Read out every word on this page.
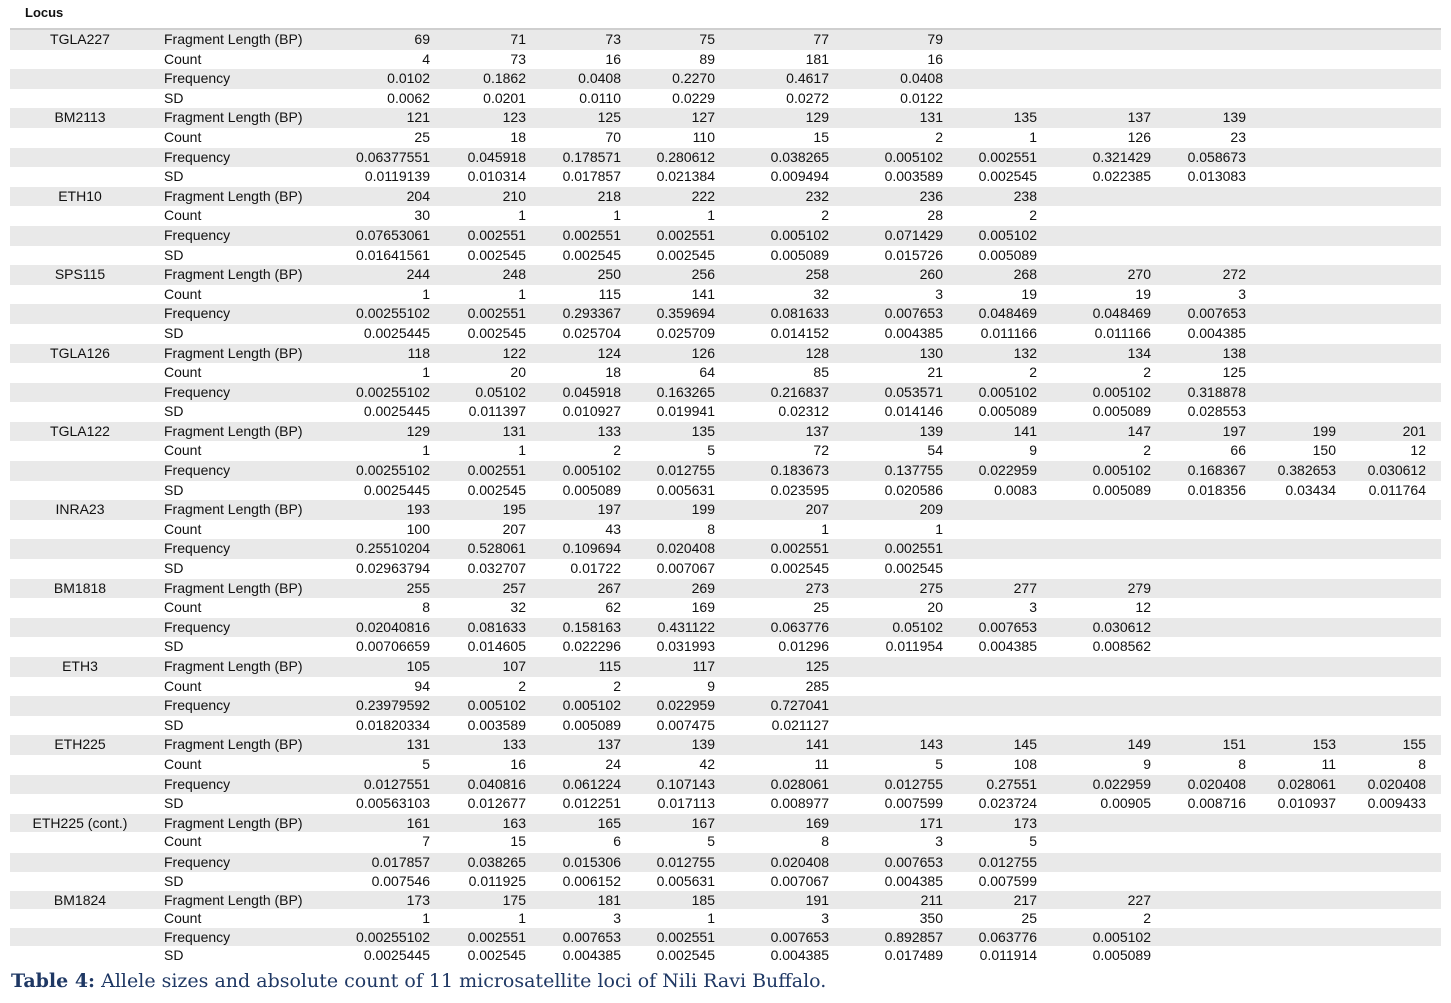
Locus
TGLA227	Fragment Length (BP)	69	71	73	75	77	79
Count	4	73	16	89	181	16
Frequency	0.0102	0.1862	0.0408	0.2270	0.4617	0.0408
SD	0.0062	0.0201	0.0110	0.0229	0.0272	0.0122
BM2113	Fragment Length (BP)	121	123	125	127	129	131	135	137	139
Count	25	18	70	110	15	2	1	126	23
Frequency	0.06377551	0.045918	0.178571	0.280612	0.038265	0.005102	0.002551	0.321429	0.058673
SD	0.0119139	0.010314	0.017857	0.021384	0.009494	0.003589	0.002545	0.022385	0.013083
ETH10	Fragment Length (BP)	204	210	218	222	232	236	238
Count	30	1	1	1	2	28	2
Frequency	0.07653061	0.002551	0.002551	0.002551	0.005102	0.071429	0.005102
SD	0.01641561	0.002545	0.002545	0.002545	0.005089	0.015726	0.005089
SPS115	Fragment Length (BP)	244	248	250	256	258	260	268	270	272
Count	1	1	115	141	32	3	19	19	3
Frequency	0.00255102	0.002551	0.293367	0.359694	0.081633	0.007653	0.048469	0.048469	0.007653
SD	0.0025445	0.002545	0.025704	0.025709	0.014152	0.004385	0.011166	0.011166	0.004385
TGLA126	Fragment Length (BP)	118	122	124	126	128	130	132	134	138
Count	1	20	18	64	85	21	2	2	125
Frequency	0.00255102	0.05102	0.045918	0.163265	0.216837	0.053571	0.005102	0.005102	0.318878
SD	0.0025445	0.011397	0.010927	0.019941	0.02312	0.014146	0.005089	0.005089	0.028553
TGLA122	Fragment Length (BP)	129	131	133	135	137	139	141	147	197	199	201
Count	1	1	2	5	72	54	9	2	66	150	12
Frequency	0.00255102	0.002551	0.005102	0.012755	0.183673	0.137755	0.022959	0.005102	0.168367	0.382653	0.030612
SD	0.0025445	0.002545	0.005089	0.005631	0.023595	0.020586	0.0083	0.005089	0.018356	0.03434	0.011764
INRA23	Fragment Length (BP)	193	195	197	199	207	209
Count	100	207	43	8	1	1
Frequency	0.25510204	0.528061	0.109694	0.020408	0.002551	0.002551
SD	0.02963794	0.032707	0.01722	0.007067	0.002545	0.002545
BM1818	Fragment Length (BP)	255	257	267	269	273	275	277	279
Count	8	32	62	169	25	20	3	12
Frequency	0.02040816	0.081633	0.158163	0.431122	0.063776	0.05102	0.007653	0.030612
SD	0.00706659	0.014605	0.022296	0.031993	0.01296	0.011954	0.004385	0.008562
ETH3	Fragment Length (BP)	105	107	115	117	125
Count	94	2	2	9	285
Frequency	0.23979592	0.005102	0.005102	0.022959	0.727041
SD	0.01820334	0.003589	0.005089	0.007475	0.021127
ETH225	Fragment Length (BP)	131	133	137	139	141	143	145	149	151	153	155
Count	5	16	24	42	11	5	108	9	8	11	8
Frequency	0.0127551	0.040816	0.061224	0.107143	0.028061	0.012755	0.27551	0.022959	0.020408	0.028061	0.020408
SD	0.00563103	0.012677	0.012251	0.017113	0.008977	0.007599	0.023724	0.00905	0.008716	0.010937	0.009433
ETH225 (cont.)	Fragment Length (BP)	161	163	165	167	169	171	173
Count	7	15	6	5	8	3	5
Frequency	0.017857	0.038265	0.015306	0.012755	0.020408	0.007653	0.012755
SD	0.007546	0.011925	0.006152	0.005631	0.007067	0.004385	0.007599
BM1824	Fragment Length (BP)	173	175	181	185	191	211	217	227
Count	1	1	3	1	3	350	25	2
Frequency	0.00255102	0.002551	0.007653	0.002551	0.007653	0.892857	0.063776	0.005102
SD	0.0025445	0.002545	0.004385	0.002545	0.004385	0.017489	0.011914	0.005089
Table 4: Allele sizes and absolute count of 11 microsatellite loci of Nili Ravi Buffalo.
